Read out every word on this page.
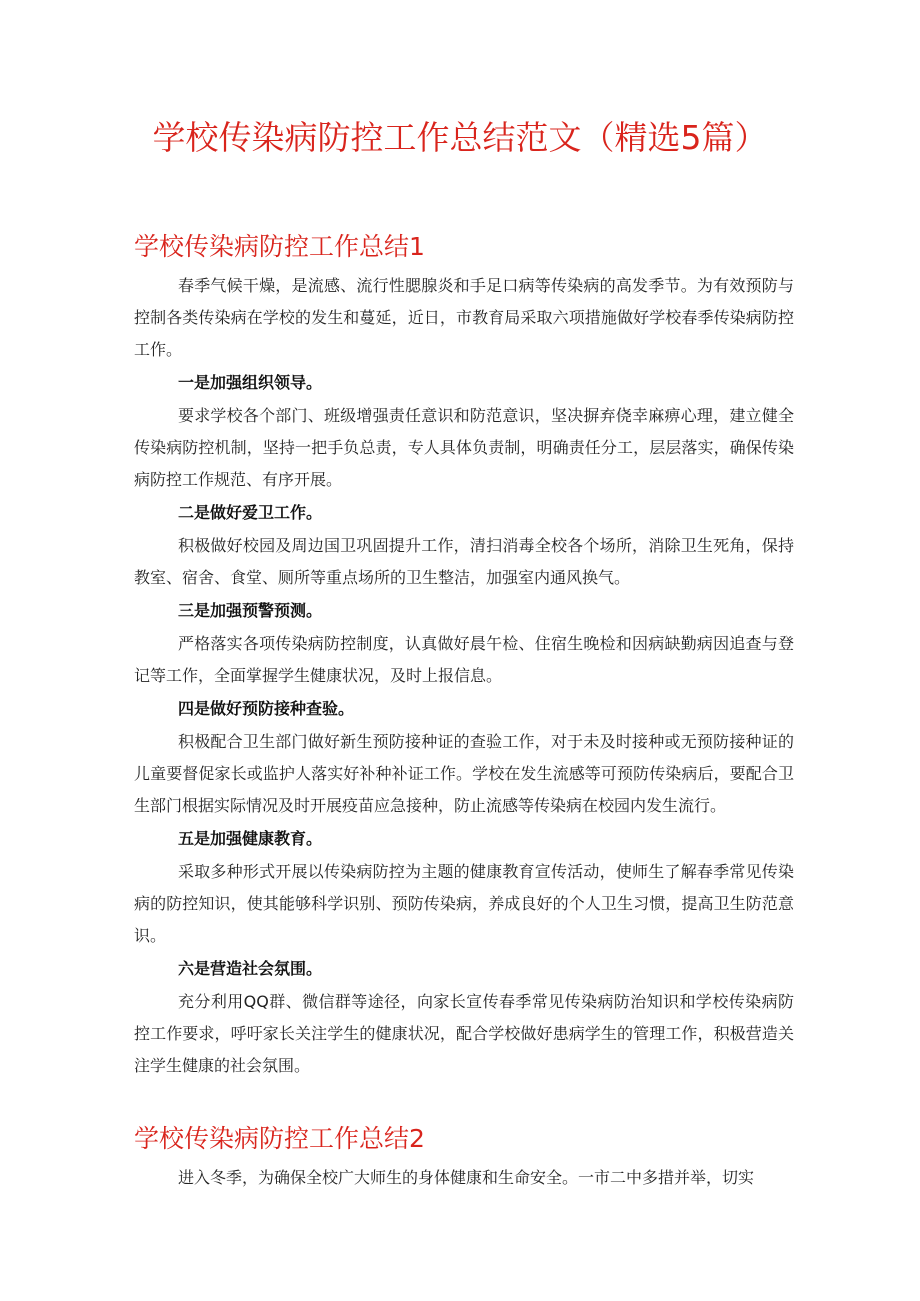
学校传染病防控工作总结范文（精选5篇）
学校传染病防控工作总结1

春季气候干燥，是流感、流行性腮腺炎和手足口病等传染病的高发季节。为有效预防与控制各类传染病在学校的发生和蔓延，近日，市教育局采取六项措施做好学校春季传染病防控工作。

一是加强组织领导。

要求学校各个部门、班级增强责任意识和防范意识，坚决摒弃侥幸麻痹心理，建立健全传染病防控机制，坚持一把手负总责，专人具体负责制，明确责任分工，层层落实，确保传染病防控工作规范、有序开展。

二是做好爱卫工作。

积极做好校园及周边国卫巩固提升工作，清扫消毒全校各个场所，消除卫生死角，保持教室、宿舍、食堂、厕所等重点场所的卫生整洁，加强室内通风换气。

三是加强预警预测。

严格落实各项传染病防控制度，认真做好晨午检、住宿生晚检和因病缺勤病因追查与登记等工作，全面掌握学生健康状况，及时上报信息。

四是做好预防接种查验。

积极配合卫生部门做好新生预防接种证的查验工作，对于未及时接种或无预防接种证的儿童要督促家长或监护人落实好补种补证工作。学校在发生流感等可预防传染病后，要配合卫生部门根据实际情况及时开展疫苗应急接种，防止流感等传染病在校园内发生流行。

五是加强健康教育。

采取多种形式开展以传染病防控为主题的健康教育宣传活动，使师生了解春季常见传染病的防控知识，使其能够科学识别、预防传染病，养成良好的个人卫生习惯，提高卫生防范意识。

六是营造社会氛围。

充分利用QQ群、微信群等途径，向家长宣传春季常见传染病防治知识和学校传染病防控工作要求，呼吁家长关注学生的健康状况，配合学校做好患病学生的管理工作，积极营造关注学生健康的社会氛围。

学校传染病防控工作总结2

进入冬季，为确保全校广大师生的身体健康和生命安全。一市二中多措并举，切实
